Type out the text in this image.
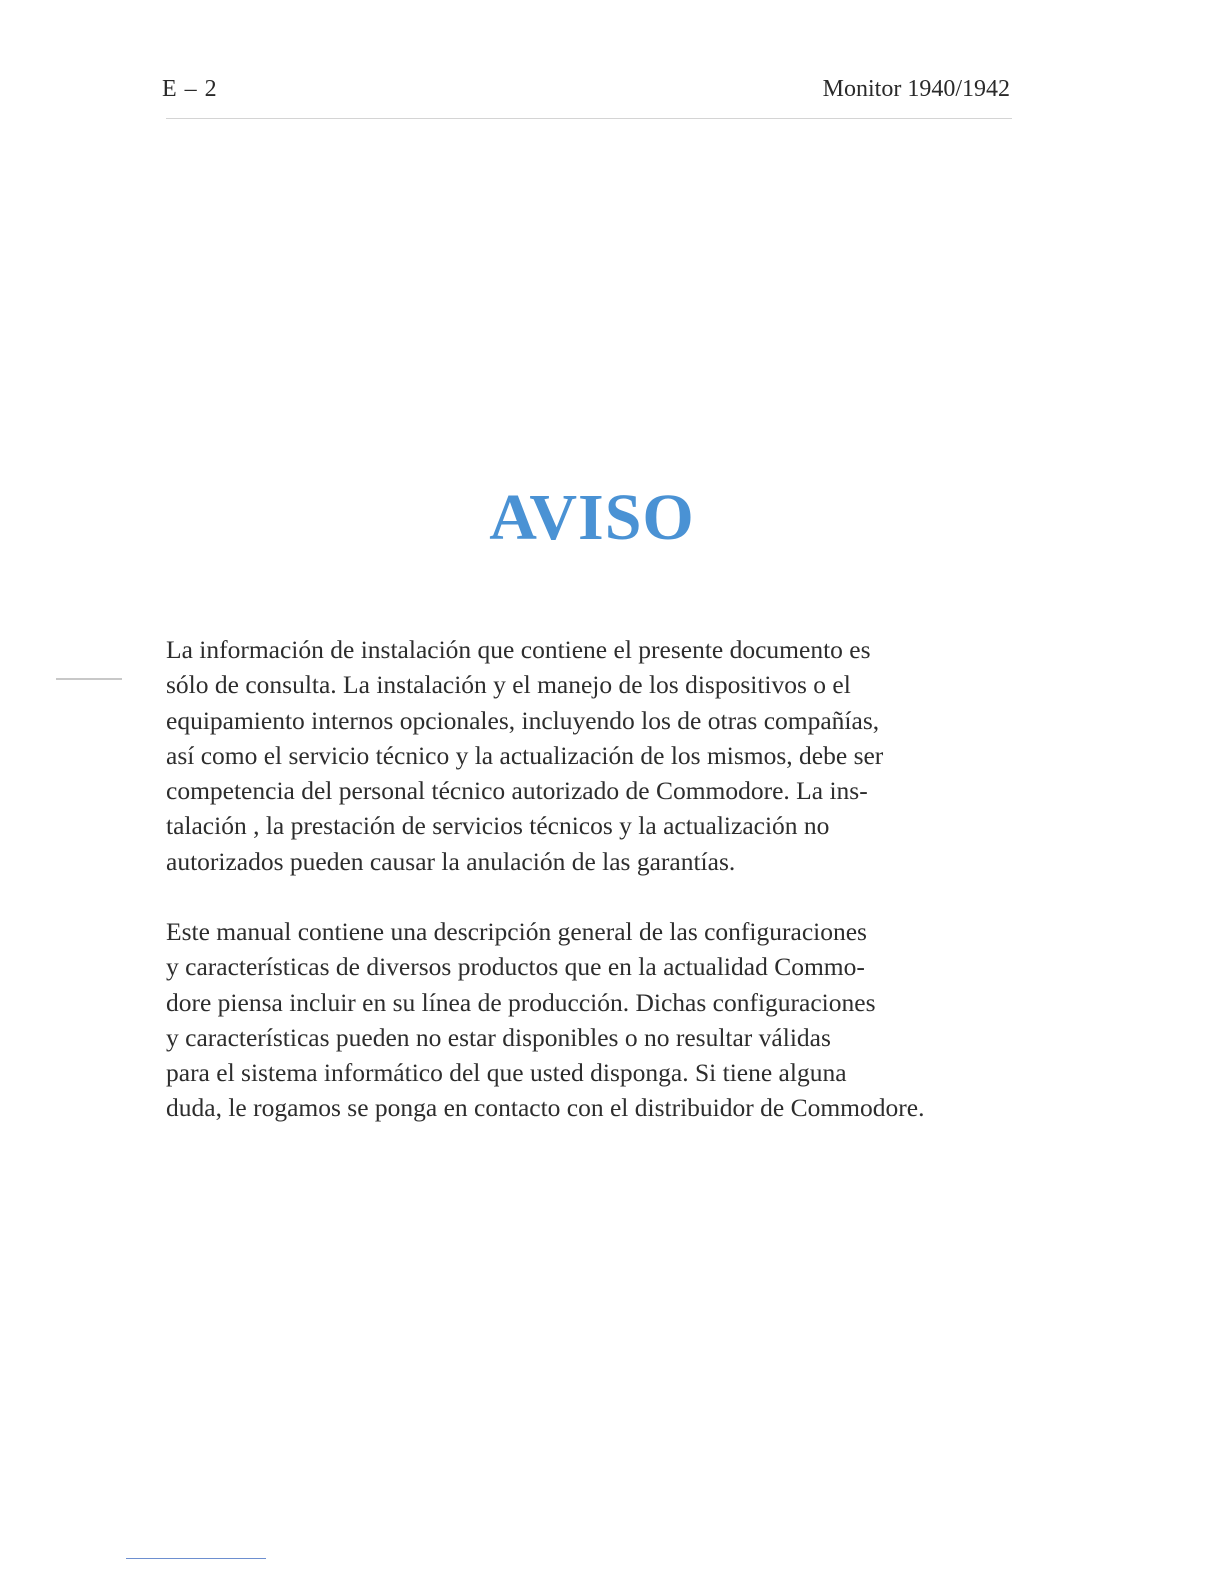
E – 2	Monitor 1940/1942
AVISO

La información de instalación que contiene el presente documento es
sólo de consulta. La instalación y el manejo de los dispositivos o el
equipamiento internos opcionales, incluyendo los de otras compañías,
así como el servicio técnico y la actualización de los mismos, debe ser
competencia del personal técnico autorizado de Commodore. La ins-
talación , la prestación de servicios técnicos y la actualización no
autorizados pueden causar la anulación de las garantías.

Este manual contiene una descripción general de las configuraciones
y características de diversos productos que en la actualidad Commo-
dore piensa incluir en su línea de producción. Dichas configuraciones
y características pueden no estar disponibles o no resultar válidas
para el sistema informático del que usted disponga. Si tiene alguna
duda, le rogamos se ponga en contacto con el distribuidor de Commodore.
